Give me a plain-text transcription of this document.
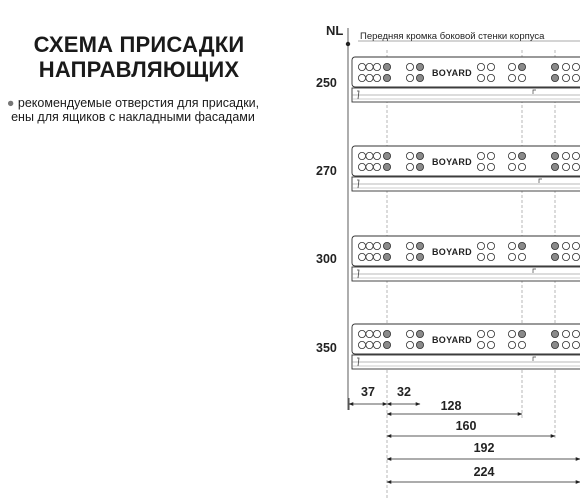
СХЕМА ПРИСАДКИ
НАПРАВЛЯЮЩИХ
● рекомендуемые отверстия для присадки,
ены для ящиков с накладными фасадами
NL Передняя кромка боковой стенки корпуса
250
BOYARD
270
BOYARD
300	BOYARD
350
BOYARD
37 32
128
160
192
224
